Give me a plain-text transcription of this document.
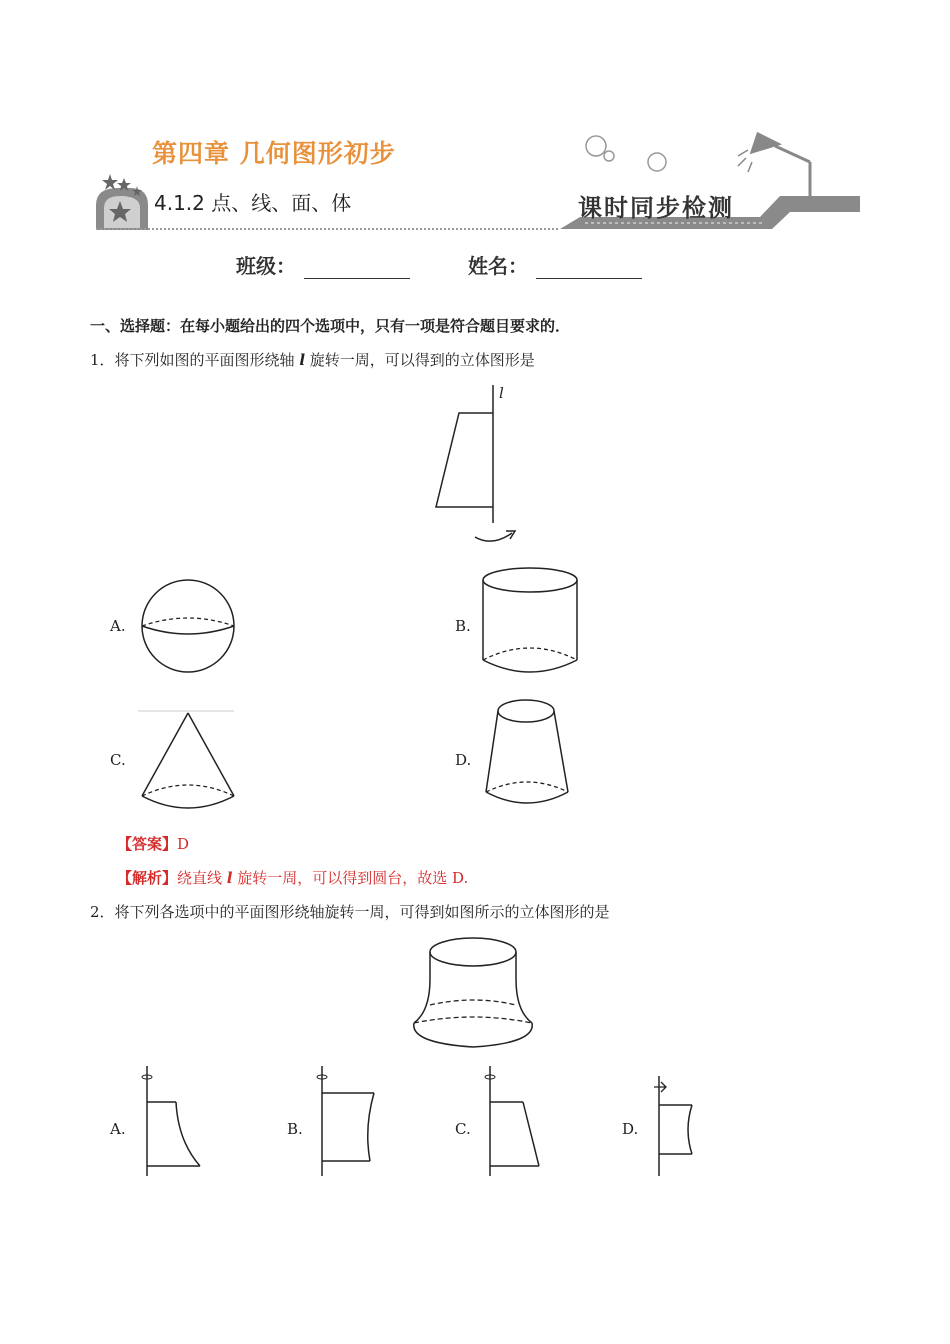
第四章 几何图形初步
4.1.2 点、线、面、体	课时同步检测
班级：	姓名：
一、选择题：在每小题给出的四个选项中，只有一项是符合题目要求的．
1．将下列如图的平面图形绕轴 l 旋转一周，可以得到的立体图形是
l
A.	B.
C.	D.
【答案】D
【解析】绕直线 l 旋转一周，可以得到圆台，故选 D.
2．将下列各选项中的平面图形绕轴旋转一周，可得到如图所示的立体图形的是
A.	B.	C.	D.
